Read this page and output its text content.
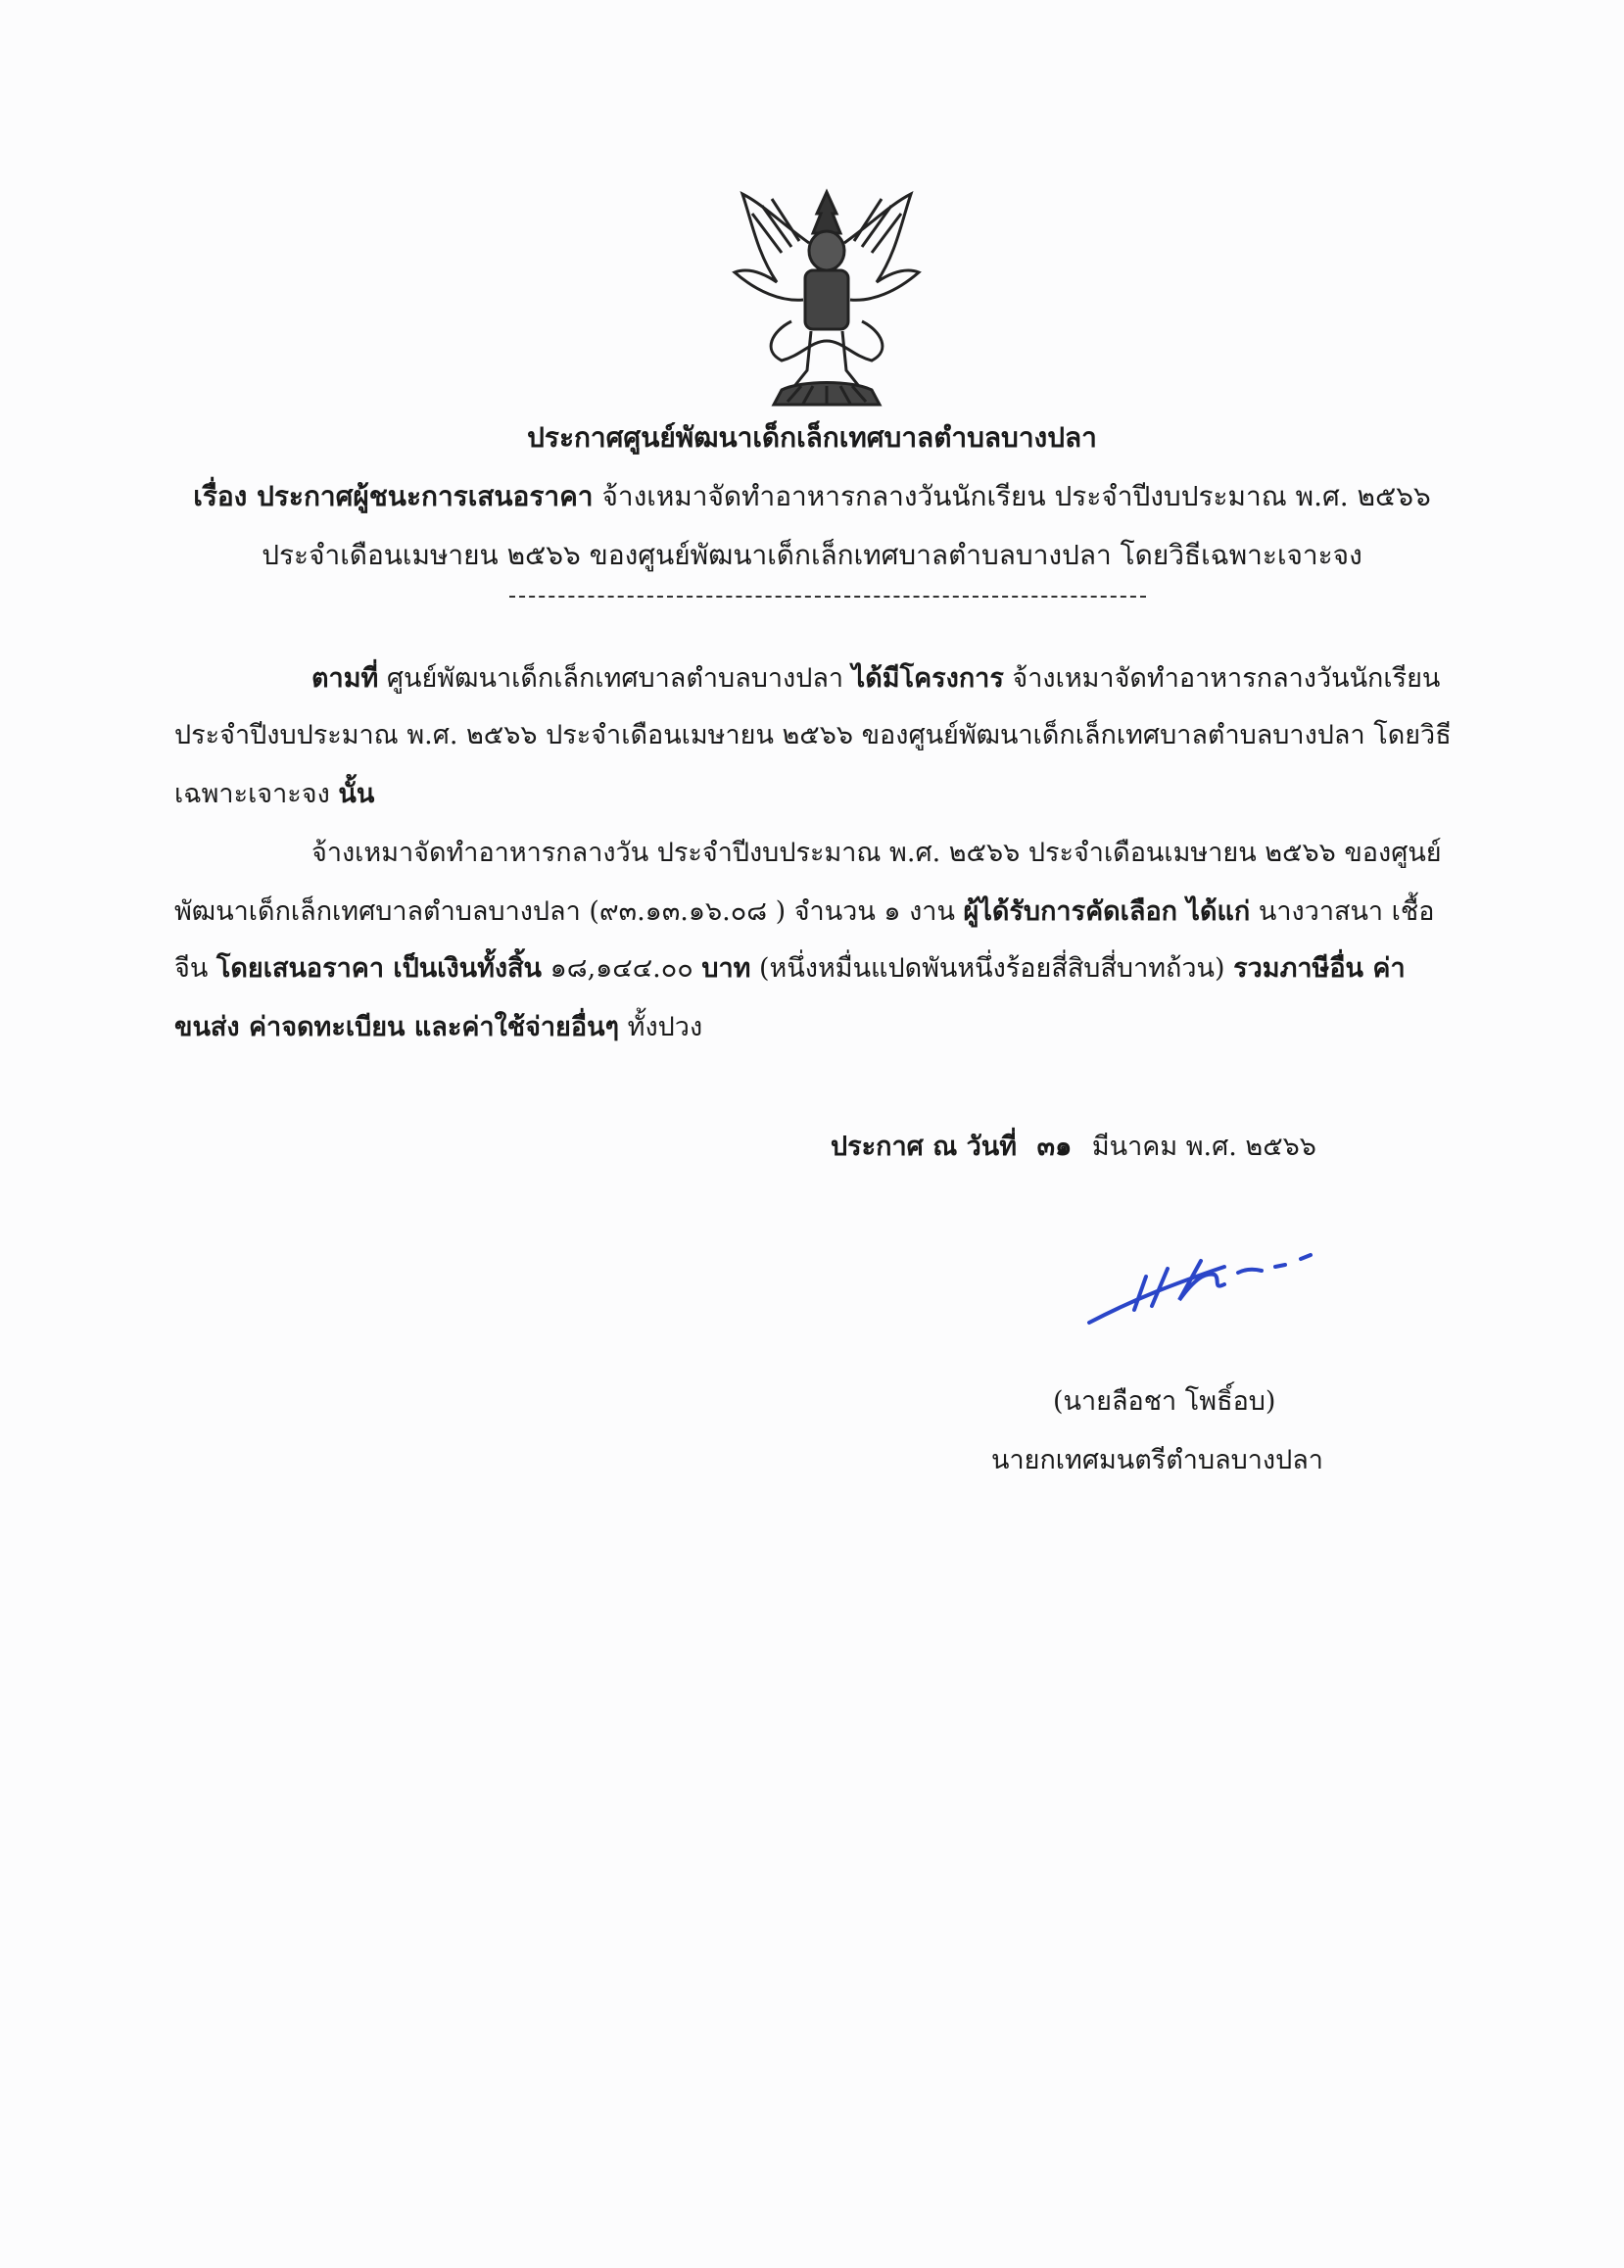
ประกาศศูนย์พัฒนาเด็กเล็กเทศบาลตำบลบางปลา
เรื่อง ประกาศผู้ชนะการเสนอราคา จ้างเหมาจัดทำอาหารกลางวันนักเรียน ประจำปีงบประมาณ พ.ศ. ๒๕๖๖
ประจำเดือนเมษายน ๒๕๖๖ ของศูนย์พัฒนาเด็กเล็กเทศบาลตำบลบางปลา โดยวิธีเฉพาะเจาะจง
ตามที่ ศูนย์พัฒนาเด็กเล็กเทศบาลตำบลบางปลา ได้มีโครงการ จ้างเหมาจัดทำอาหารกลางวันนักเรียน
ประจำปีงบประมาณ พ.ศ. ๒๕๖๖ ประจำเดือนเมษายน ๒๕๖๖ ของศูนย์พัฒนาเด็กเล็กเทศบาลตำบลบางปลา โดยวิธี
เฉพาะเจาะจง นั้น
จ้างเหมาจัดทำอาหารกลางวัน ประจำปีงบประมาณ พ.ศ. ๒๕๖๖ ประจำเดือนเมษายน ๒๕๖๖ ของศูนย์
พัฒนาเด็กเล็กเทศบาลตำบลบางปลา (๙๓.๑๓.๑๖.๐๘ ) จำนวน ๑ งาน ผู้ได้รับการคัดเลือก ได้แก่ นางวาสนา เชื้อ
จีน โดยเสนอราคา เป็นเงินทั้งสิ้น ๑๘,๑๔๔.๐๐ บาท (หนึ่งหมื่นแปดพันหนึ่งร้อยสี่สิบสี่บาทถ้วน) รวมภาษีอื่น ค่า
ขนส่ง ค่าจดทะเบียน และค่าใช้จ่ายอื่นๆ ทั้งปวง
ประกาศ ณ วันที่ ๓๑ มีนาคม พ.ศ. ๒๕๖๖
(นายลือชา โพธิ์อบ)
นายกเทศมนตรีตำบลบางปลา
